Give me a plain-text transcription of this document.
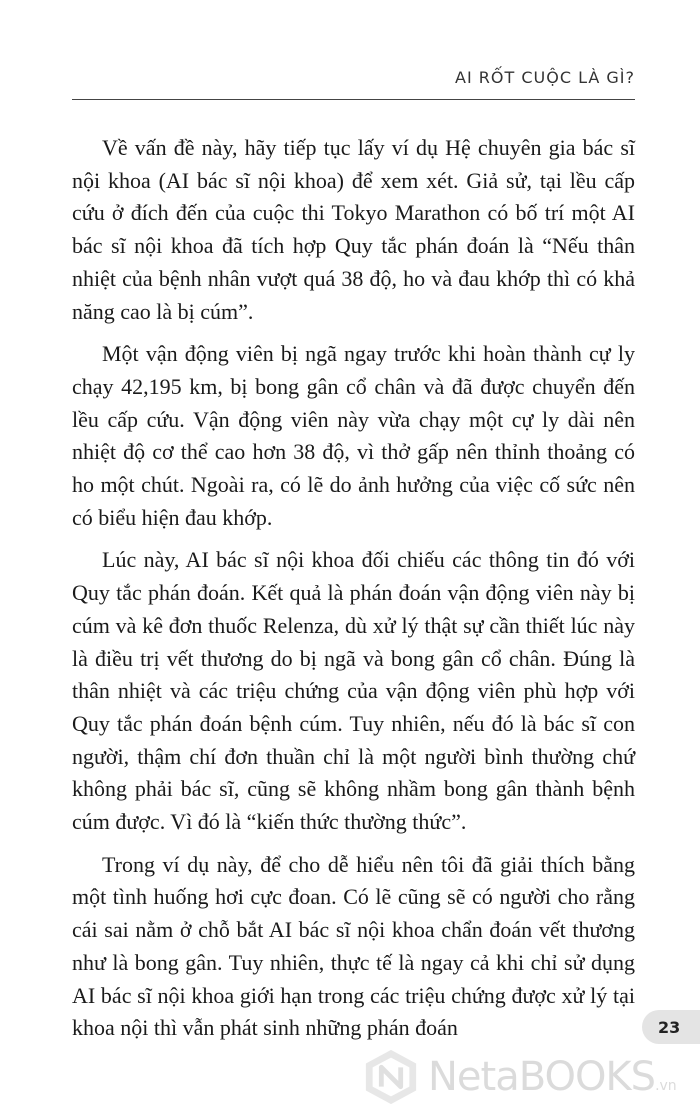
AI RỐT CUỘC LÀ GÌ?

Về vấn đề này, hãy tiếp tục lấy ví dụ Hệ chuyên gia bác sĩ nội khoa (AI bác sĩ nội khoa) để xem xét. Giả sử, tại lều cấp cứu ở đích đến của cuộc thi Tokyo Marathon có bố trí một AI bác sĩ nội khoa đã tích hợp Quy tắc phán đoán là “Nếu thân nhiệt của bệnh nhân vượt quá 38 độ, ho và đau khớp thì có khả năng cao là bị cúm”.

Một vận động viên bị ngã ngay trước khi hoàn thành cự ly chạy 42,195 km, bị bong gân cổ chân và đã được chuyển đến lều cấp cứu. Vận động viên này vừa chạy một cự ly dài nên nhiệt độ cơ thể cao hơn 38 độ, vì thở gấp nên thỉnh thoảng có ho một chút. Ngoài ra, có lẽ do ảnh hưởng của việc cố sức nên có biểu hiện đau khớp.

Lúc này, AI bác sĩ nội khoa đối chiếu các thông tin đó với Quy tắc phán đoán. Kết quả là phán đoán vận động viên này bị cúm và kê đơn thuốc Relenza, dù xử lý thật sự cần thiết lúc này là điều trị vết thương do bị ngã và bong gân cổ chân. Đúng là thân nhiệt và các triệu chứng của vận động viên phù hợp với Quy tắc phán đoán bệnh cúm. Tuy nhiên, nếu đó là bác sĩ con người, thậm chí đơn thuần chỉ là một người bình thường chứ không phải bác sĩ, cũng sẽ không nhầm bong gân thành bệnh cúm được. Vì đó là “kiến thức thường thức”.

Trong ví dụ này, để cho dễ hiểu nên tôi đã giải thích bằng một tình huống hơi cực đoan. Có lẽ cũng sẽ có người cho rằng cái sai nằm ở chỗ bắt AI bác sĩ nội khoa chẩn đoán vết thương như là bong gân. Tuy nhiên, thực tế là ngay cả khi chỉ sử dụng AI bác sĩ nội khoa giới hạn trong các triệu chứng được xử lý tại khoa nội thì vẫn phát sinh những phán đoán	23
NetaBOOKS.vn
